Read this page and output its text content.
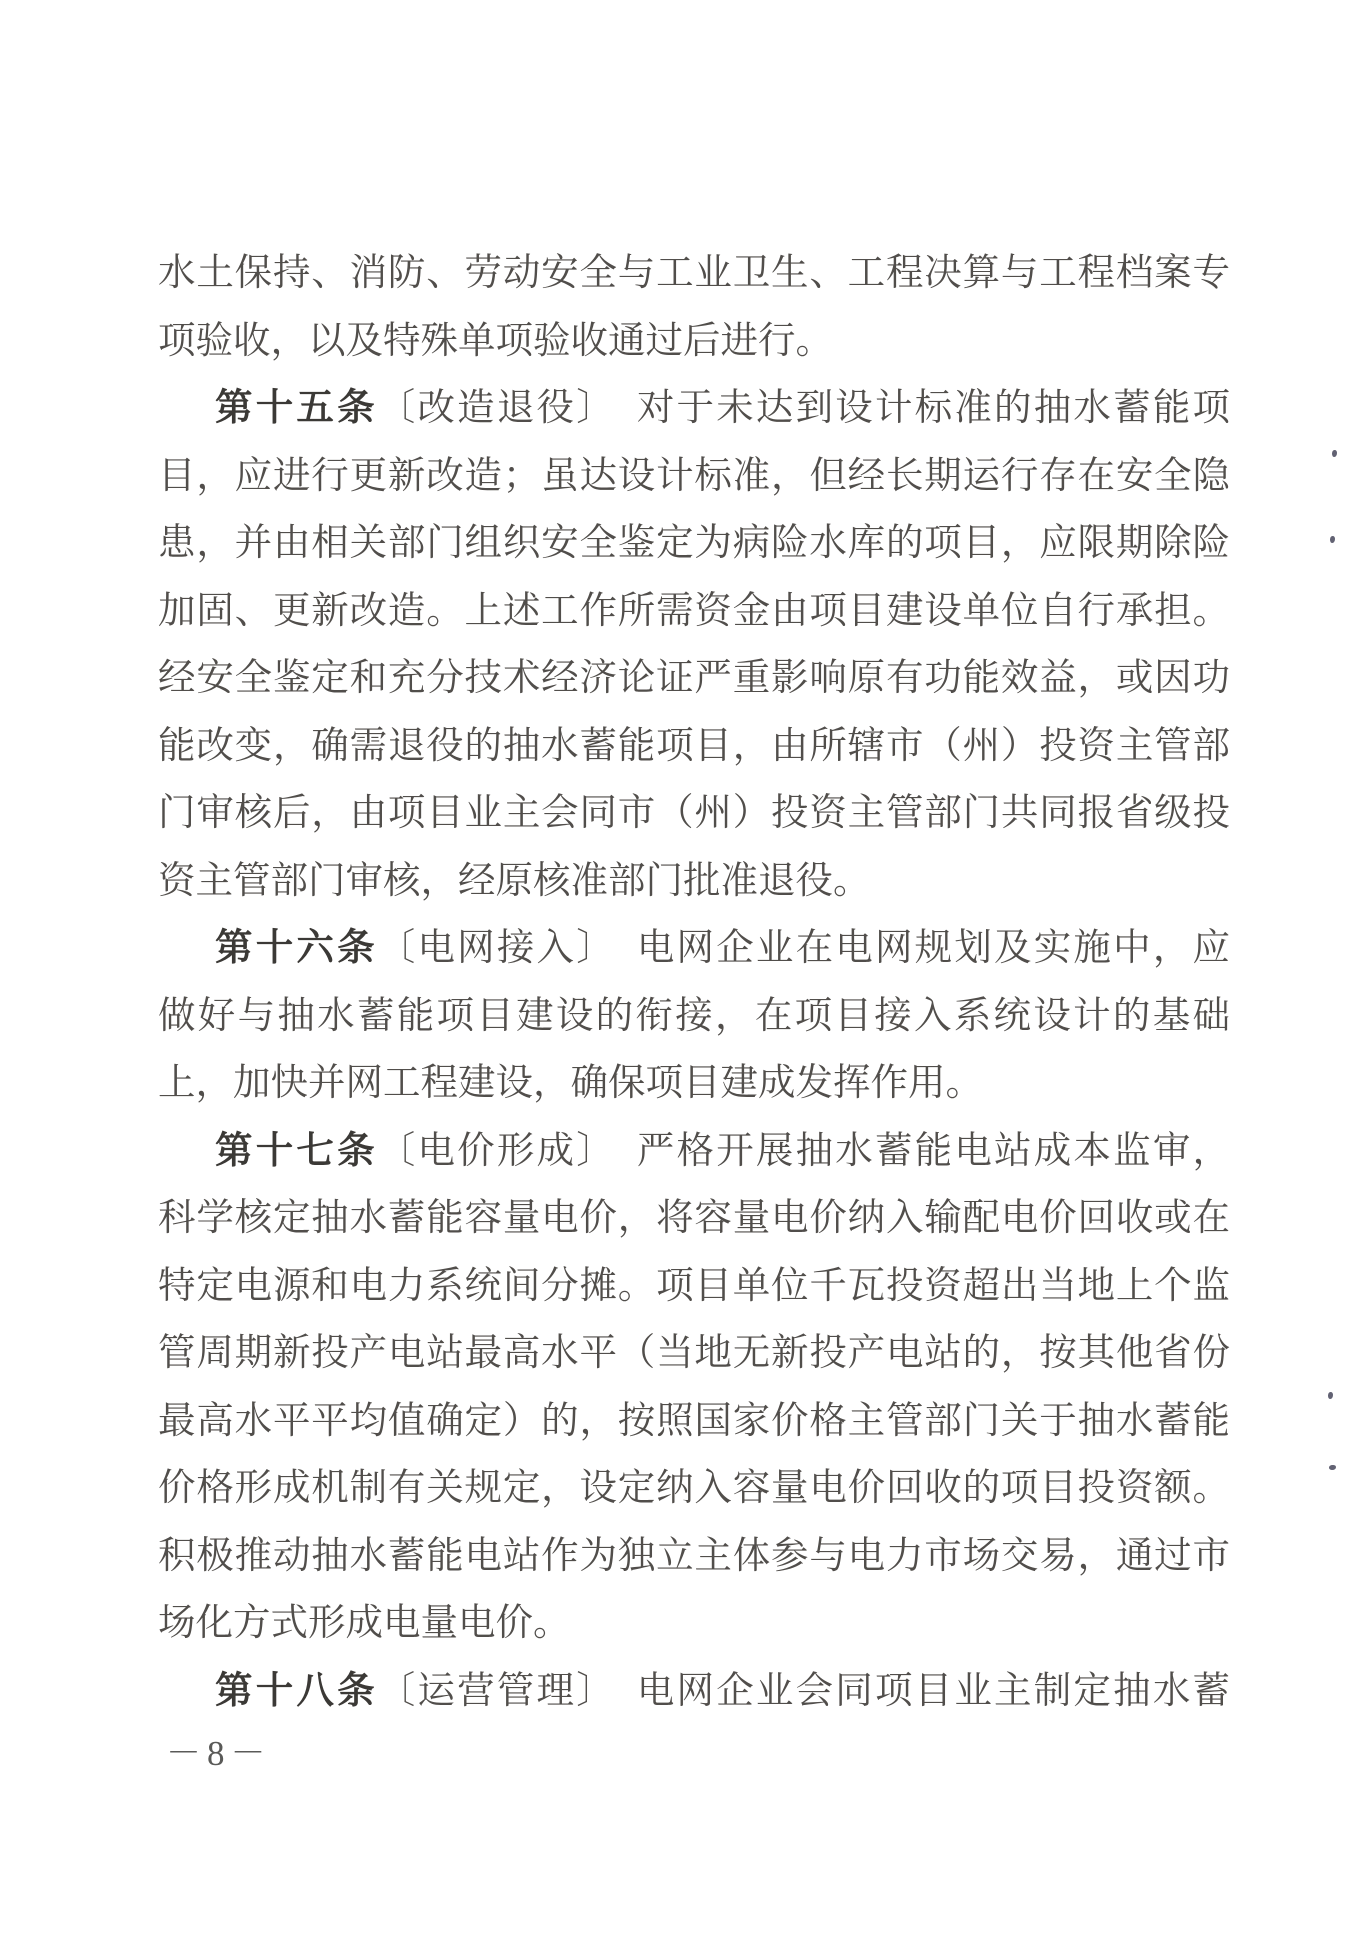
水土保持、消防、劳动安全与工业卫生、工程决算与工程档案专
项验收，以及特殊单项验收通过后进行。
第十五条〔改造退役〕　对于未达到设计标准的抽水蓄能项
目，应进行更新改造；虽达设计标准，但经长期运行存在安全隐
患，并由相关部门组织安全鉴定为病险水库的项目，应限期除险
加固、更新改造。上述工作所需资金由项目建设单位自行承担。
经安全鉴定和充分技术经济论证严重影响原有功能效益，或因功
能改变，确需退役的抽水蓄能项目，由所辖市（州）投资主管部
门审核后，由项目业主会同市（州）投资主管部门共同报省级投
资主管部门审核，经原核准部门批准退役。
第十六条〔电网接入〕　电网企业在电网规划及实施中，应
做好与抽水蓄能项目建设的衔接，在项目接入系统设计的基础
上，加快并网工程建设，确保项目建成发挥作用。
第十七条〔电价形成〕　严格开展抽水蓄能电站成本监审，
科学核定抽水蓄能容量电价，将容量电价纳入输配电价回收或在
特定电源和电力系统间分摊。项目单位千瓦投资超出当地上个监
管周期新投产电站最高水平（当地无新投产电站的，按其他省份
最高水平平均值确定）的，按照国家价格主管部门关于抽水蓄能
价格形成机制有关规定，设定纳入容量电价回收的项目投资额。
积极推动抽水蓄能电站作为独立主体参与电力市场交易，通过市
场化方式形成电量电价。
第十八条〔运营管理〕　电网企业会同项目业主制定抽水蓄
－8－
